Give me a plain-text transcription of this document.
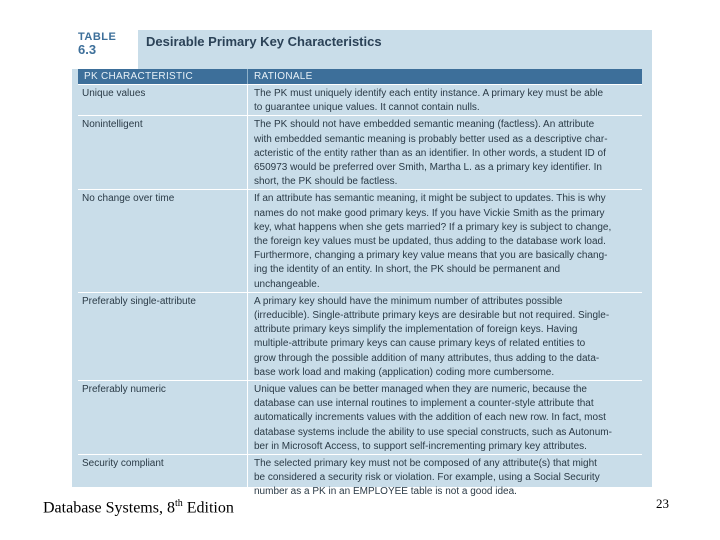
TABLE
6.3
Desirable Primary Key Characteristics
PK CHARACTERISTIC	RATIONALE
Unique values	The PK must uniquely identify each entity instance. A primary key must be able
to guarantee unique values. It cannot contain nulls.
Nonintelligent	The PK should not have embedded semantic meaning (factless). An attribute
with embedded semantic meaning is probably better used as a descriptive char-
acteristic of the entity rather than as an identifier. In other words, a student ID of
650973 would be preferred over Smith, Martha L. as a primary key identifier. In
short, the PK should be factless.
No change over time	If an attribute has semantic meaning, it might be subject to updates. This is why
names do not make good primary keys. If you have Vickie Smith as the primary
key, what happens when she gets married? If a primary key is subject to change,
the foreign key values must be updated, thus adding to the database work load.
Furthermore, changing a primary key value means that you are basically chang-
ing the identity of an entity. In short, the PK should be permanent and
unchangeable.
Preferably single-attribute	A primary key should have the minimum number of attributes possible
(irreducible). Single-attribute primary keys are desirable but not required. Single-
attribute primary keys simplify the implementation of foreign keys. Having
multiple-attribute primary keys can cause primary keys of related entities to
grow through the possible addition of many attributes, thus adding to the data-
base work load and making (application) coding more cumbersome.
Preferably numeric	Unique values can be better managed when they are numeric, because the
database can use internal routines to implement a counter-style attribute that
automatically increments values with the addition of each new row. In fact, most
database systems include the ability to use special constructs, such as Autonum-
ber in Microsoft Access, to support self-incrementing primary key attributes.
Security compliant	The selected primary key must not be composed of any attribute(s) that might
be considered a security risk or violation. For example, using a Social Security
number as a PK in an EMPLOYEE table is not a good idea.
Database Systems, 8th Edition	23
